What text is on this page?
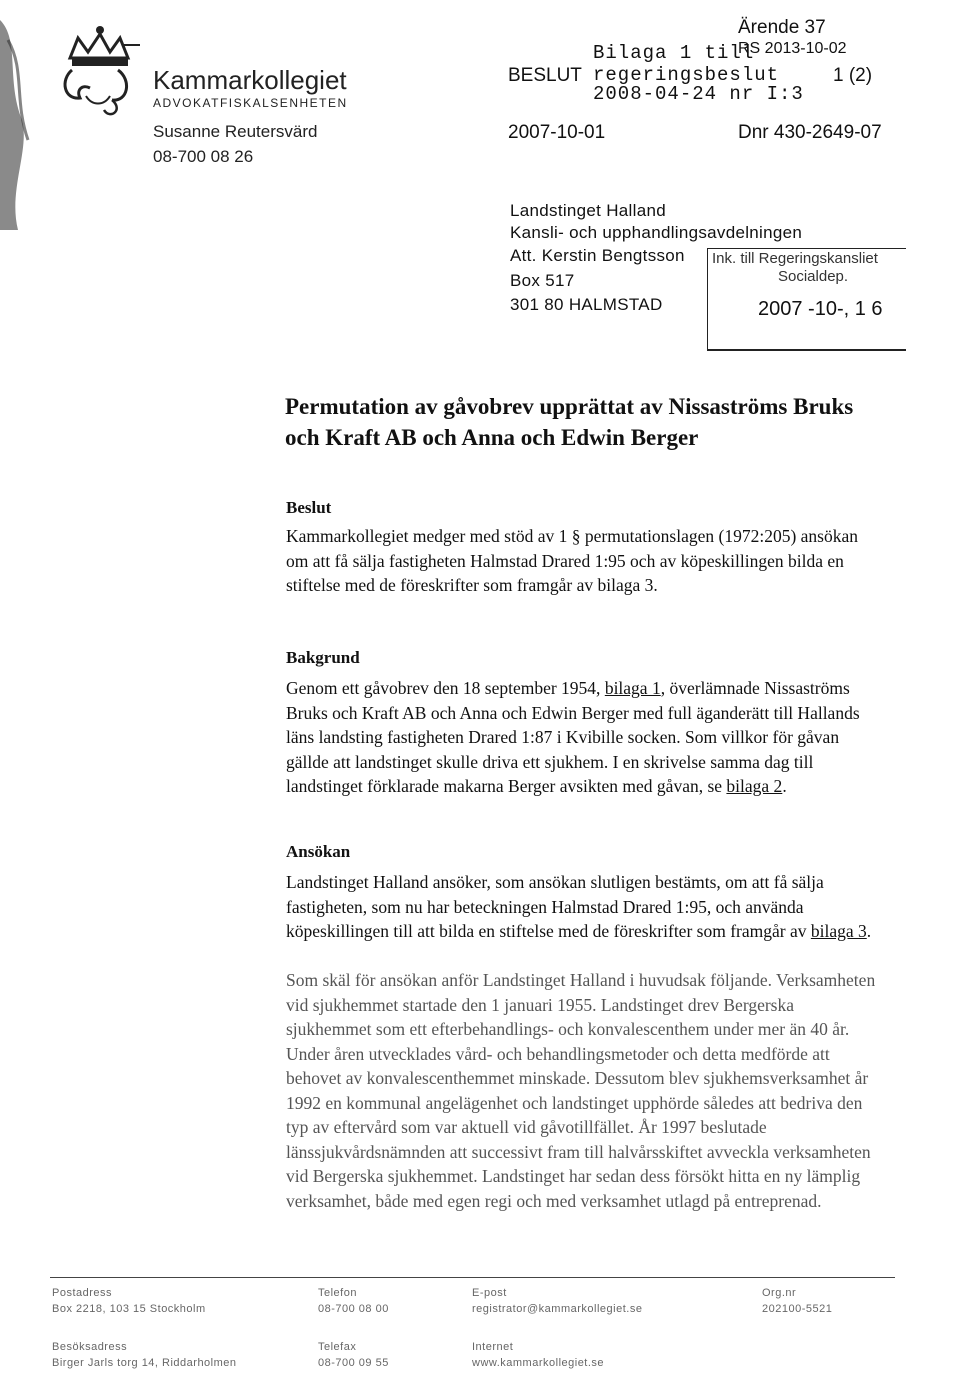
Ärende 37
Bilaga 1 till
RS 2013-10-02
BESLUT regeringsbeslut	1 (2)
2008-04-24 nr I:3
2007-10-01	Dnr 430-2649-07
Kammarkollegiet
ADVOKATFISKALSENHETEN
Susanne Reutersvärd
08-700 08 26
Landstinget Halland
Kansli- och upphandlingsavdelningen
Att. Kerstin Bengtsson
Box 517
301 80 HALMSTAD
Ink. till Regeringskansliet
Socialdep.
2007 -10-, 1 6
Permutation av gåvobrev upprättat av Nissaströms Bruks
och Kraft AB och Anna och Edwin Berger
Beslut
Kammarkollegiet medger med stöd av 1 § permutationslagen (1972:205) ansökan om att få sälja fastigheten Halmstad Drared 1:95 och av köpeskillingen bilda en stiftelse med de föreskrifter som framgår av bilaga 3.
Bakgrund
Genom ett gåvobrev den 18 september 1954, bilaga 1, överlämnade Nissaströms Bruks och Kraft AB och Anna och Edwin Berger med full äganderätt till Hallands läns landsting fastigheten Drared 1:87 i Kvibille socken. Som villkor för gåvan gällde att landstinget skulle driva ett sjukhem. I en skrivelse samma dag till landstinget förklarade makarna Berger avsikten med gåvan, se bilaga 2.
Ansökan
Landstinget Halland ansöker, som ansökan slutligen bestämts, om att få sälja fastigheten, som nu har beteckningen Halmstad Drared 1:95, och använda köpeskillingen till att bilda en stiftelse med de föreskrifter som framgår av bilaga 3.
Som skäl för ansökan anför Landstinget Halland i huvudsak följande. Verksamheten vid sjukhemmet startade den 1 januari 1955. Landstinget drev Bergerska sjukhemmet som ett efterbehandlings- och konvalescenthem under mer än 40 år. Under åren utvecklades vård- och behandlingsmetoder och detta medförde att behovet av konvalescenthemmet minskade. Dessutom blev sjukhemsverksamhet år 1992 en kommunal angelägenhet och landstinget upphörde således att bedriva den typ av eftervård som var aktuell vid gåvotillfället. År 1997 beslutade länssjukvårdsnämnden att successivt fram till halvårsskiftet avveckla verksamheten vid Bergerska sjukhemmet. Landstinget har sedan dess försökt hitta en ny lämplig verksamhet, både med egen regi och med verksamhet utlagd på entreprenad.
Postadress
Box 2218, 103 15 Stockholm
Telefon
08-700 08 00
E-post
registrator@kammarkollegiet.se
Org.nr
202100-5521
Besöksadress
Birger Jarls torg 14, Riddarholmen
Telefax
08-700 09 55
Internet
www.kammarkollegiet.se
